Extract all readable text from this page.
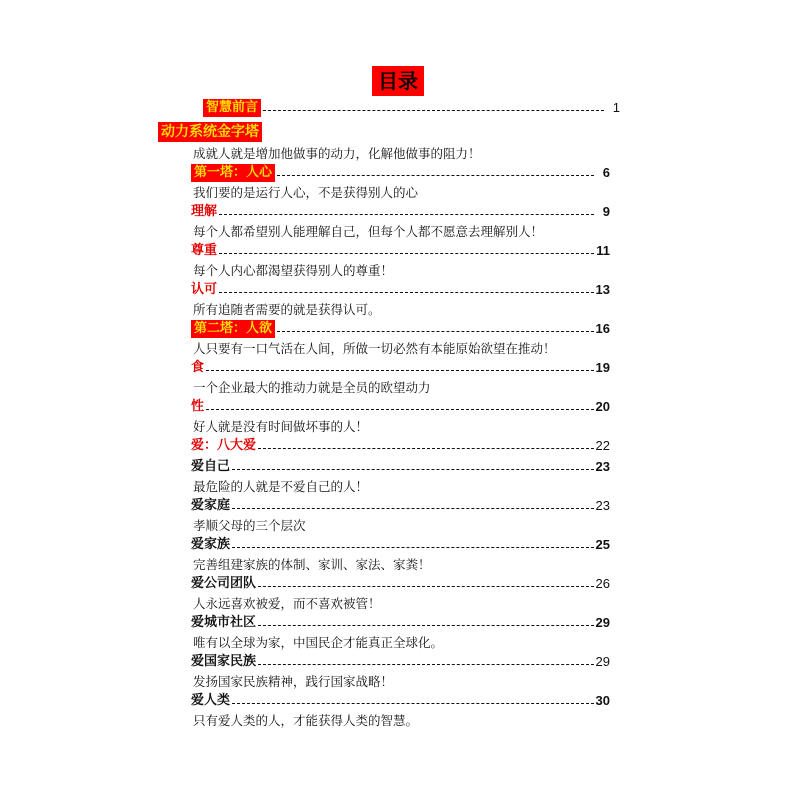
目录
智慧前言	1
动力系统金字塔
成就人就是增加他做事的动力，化解他做事的阻力！
第一塔：人心	6
我们要的是运行人心，不是获得别人的心
理解	9
每个人都希望别人能理解自己，但每个人都不愿意去理解别人！
尊重	11
每个人内心都渴望获得别人的尊重！
认可	13
所有追随者需要的就是获得认可。
第二塔：人欲	16
人只要有一口气活在人间，所做一切必然有本能原始欲望在推动！
食	19
一个企业最大的推动力就是全员的欧望动力
性	20
好人就是没有时间做坏事的人！
爱：八大爱	22
爱自己	23
最危险的人就是不爱自己的人！
爱家庭	23
孝顺父母的三个层次
爱家族	25
完善组建家族的体制、家训、家法、家粪！
爱公司团队	26
人永远喜欢被爱，而不喜欢被管！
爱城市社区	29
唯有以全球为家，中国民企才能真正全球化。
爱国家民族	29
发扬国家民族精神，践行国家战略！
爱人类	30
只有爱人类的人，才能获得人类的智慧。
